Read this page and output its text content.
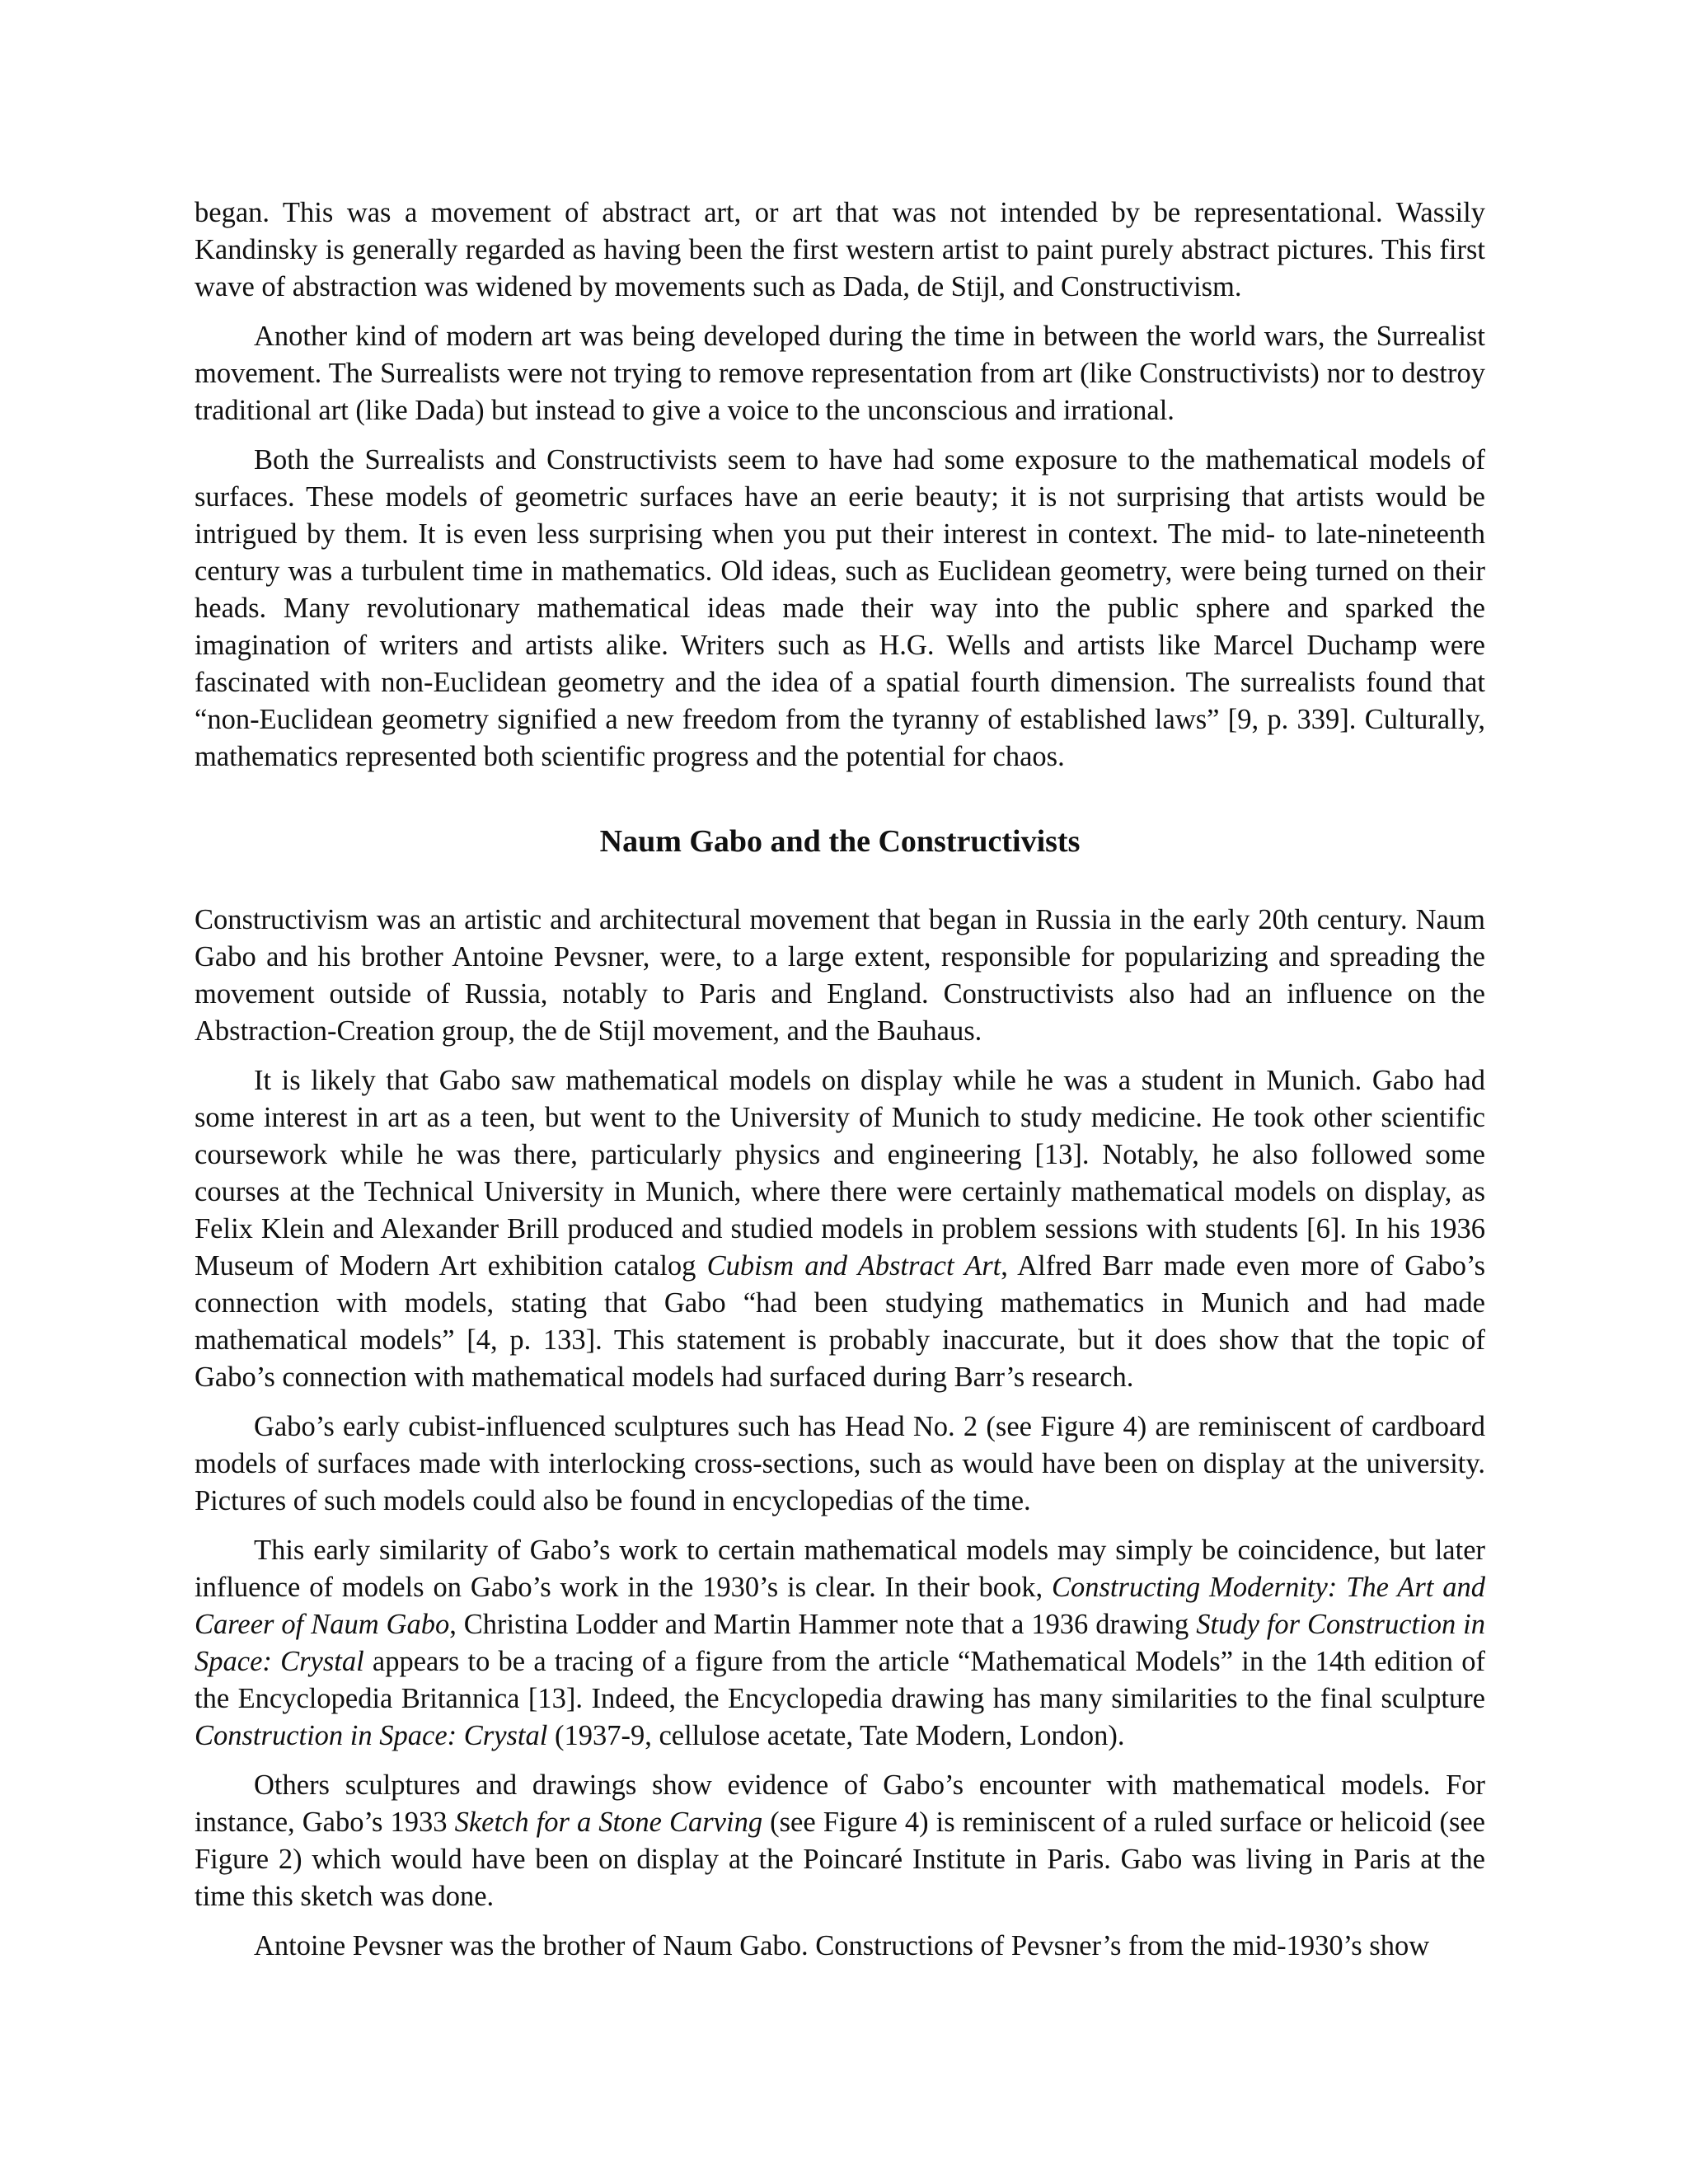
began. This was a movement of abstract art, or art that was not intended by be representational. Wassily Kandinsky is generally regarded as having been the first western artist to paint purely abstract pictures. This first wave of abstraction was widened by movements such as Dada, de Stijl, and Constructivism.

Another kind of modern art was being developed during the time in between the world wars, the Surrealist movement. The Surrealists were not trying to remove representation from art (like Constructivists) nor to destroy traditional art (like Dada) but instead to give a voice to the unconscious and irrational.

Both the Surrealists and Constructivists seem to have had some exposure to the mathematical models of surfaces. These models of geometric surfaces have an eerie beauty; it is not surprising that artists would be intrigued by them. It is even less surprising when you put their interest in context. The mid- to late-nineteenth century was a turbulent time in mathematics. Old ideas, such as Euclidean geometry, were being turned on their heads. Many revolutionary mathematical ideas made their way into the public sphere and sparked the imagination of writers and artists alike. Writers such as H.G. Wells and artists like Marcel Duchamp were fascinated with non-Euclidean geometry and the idea of a spatial fourth dimension. The surrealists found that “non-Euclidean geometry signified a new freedom from the tyranny of established laws” [9, p. 339]. Culturally, mathematics represented both scientific progress and the potential for chaos.

Naum Gabo and the Constructivists

Constructivism was an artistic and architectural movement that began in Russia in the early 20th century. Naum Gabo and his brother Antoine Pevsner, were, to a large extent, responsible for popularizing and spreading the movement outside of Russia, notably to Paris and England. Constructivists also had an influence on the Abstraction-Creation group, the de Stijl movement, and the Bauhaus.

It is likely that Gabo saw mathematical models on display while he was a student in Munich. Gabo had some interest in art as a teen, but went to the University of Munich to study medicine. He took other scientific coursework while he was there, particularly physics and engineering [13]. Notably, he also followed some courses at the Technical University in Munich, where there were certainly mathematical models on display, as Felix Klein and Alexander Brill produced and studied models in problem sessions with students [6]. In his 1936 Museum of Modern Art exhibition catalog Cubism and Abstract Art, Alfred Barr made even more of Gabo’s connection with models, stating that Gabo “had been studying mathematics in Munich and had made mathematical models” [4, p. 133]. This statement is probably inaccurate, but it does show that the topic of Gabo’s connection with mathematical models had surfaced during Barr’s research.

Gabo’s early cubist-influenced sculptures such has Head No. 2 (see Figure 4) are reminiscent of cardboard models of surfaces made with interlocking cross-sections, such as would have been on display at the university. Pictures of such models could also be found in encyclopedias of the time.

This early similarity of Gabo’s work to certain mathematical models may simply be coincidence, but later influence of models on Gabo’s work in the 1930’s is clear. In their book, Constructing Modernity: The Art and Career of Naum Gabo, Christina Lodder and Martin Hammer note that a 1936 drawing Study for Construction in Space: Crystal appears to be a tracing of a figure from the article “Mathematical Models” in the 14th edition of the Encyclopedia Britannica [13]. Indeed, the Encyclopedia drawing has many similarities to the final sculpture Construction in Space: Crystal (1937-9, cellulose acetate, Tate Modern, London).

Others sculptures and drawings show evidence of Gabo’s encounter with mathematical models. For instance, Gabo’s 1933 Sketch for a Stone Carving (see Figure 4) is reminiscent of a ruled surface or helicoid (see Figure 2) which would have been on display at the Poincaré Institute in Paris. Gabo was living in Paris at the time this sketch was done.

Antoine Pevsner was the brother of Naum Gabo. Constructions of Pevsner’s from the mid-1930’s show
